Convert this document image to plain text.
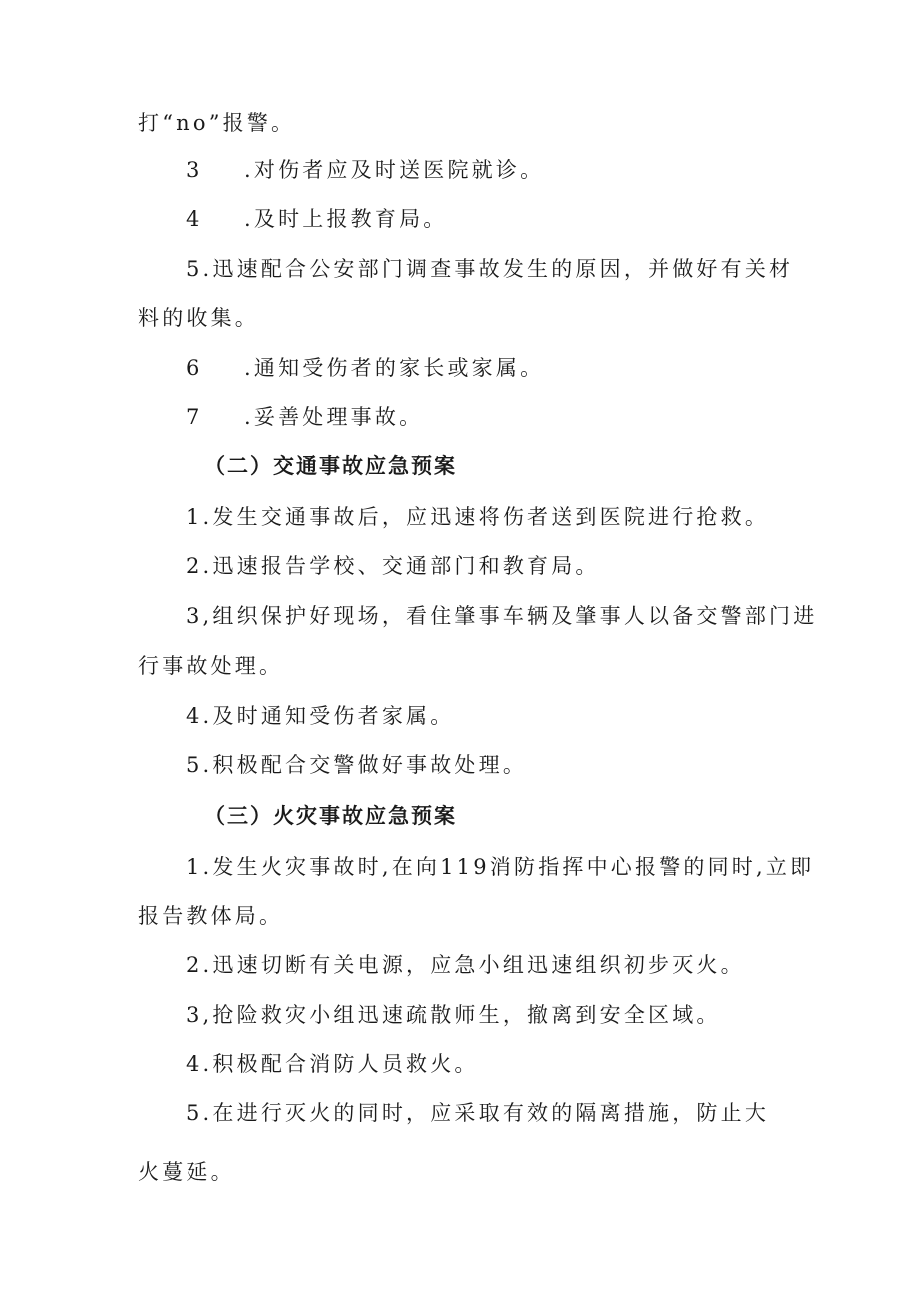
打“no”报警。
3 .对伤者应及时送医院就诊。
4 .及时上报教育局。
5.迅速配合公安部门调查事故发生的原因，并做好有关材
料的收集。
6 .通知受伤者的家长或家属。
7 .妥善处理事故。
（二）交通事故应急预案
1.发生交通事故后，应迅速将伤者送到医院进行抢救。
2.迅速报告学校、交通部门和教育局。
3,组织保护好现场，看住肇事车辆及肇事人以备交警部门进
行事故处理。
4.及时通知受伤者家属。
5.积极配合交警做好事故处理。
（三）火灾事故应急预案
1.发生火灾事故时,在向119消防指挥中心报警的同时,立即
报告教体局。
2.迅速切断有关电源，应急小组迅速组织初步灭火。
3,抢险救灾小组迅速疏散师生，撤离到安全区域。
4.积极配合消防人员救火。
5.在进行灭火的同时，应采取有效的隔离措施，防止大
火蔓延。
